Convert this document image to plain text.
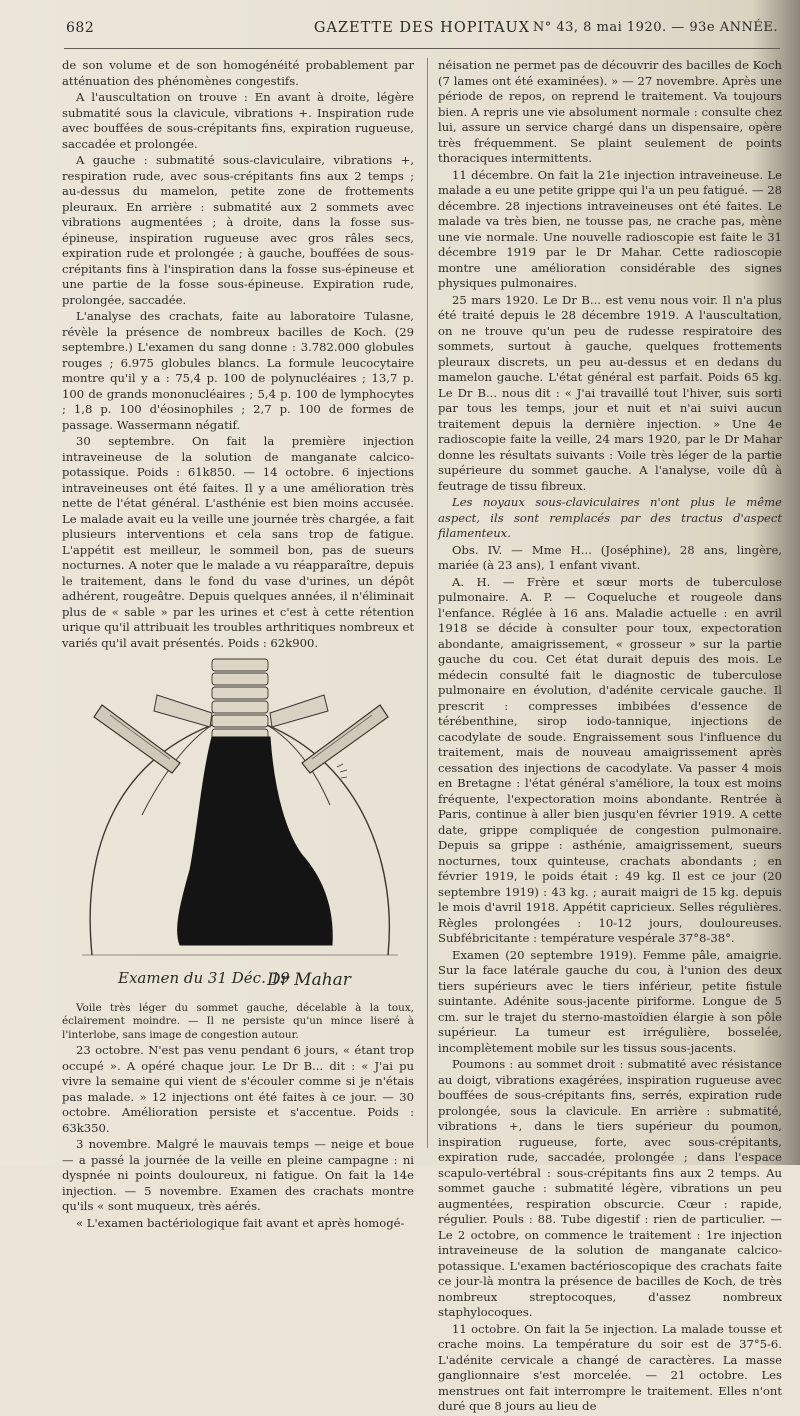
682	GAZETTE DES HOPITAUX N° 43, 8 mai 1920. — 93e ANNÉE.

de son volume et de son homogénéité probablement par atténuation des phénomènes congestifs.

A l'auscultation on trouve : En avant à droite, légère submatité sous la clavicule, vibrations +. Inspiration rude avec bouffées de sous-crépitants fins, expiration rugueuse, saccadée et prolongée.

A gauche : submatité sous-claviculaire, vibrations +, respiration rude, avec sous-crépitants fins aux 2 temps ; au-dessus du mamelon, petite zone de frottements pleuraux. En arrière : submatité aux 2 sommets avec vibrations augmentées ; à droite, dans la fosse sus-épineuse, inspiration rugueuse avec gros râles secs, expiration rude et prolongée ; à gauche, bouffées de sous-crépitants fins à l'inspiration dans la fosse sus-épineuse et une partie de la fosse sous-épineuse. Expiration rude, prolongée, saccadée.

L'analyse des crachats, faite au laboratoire Tulasne, révèle la présence de nombreux bacilles de Koch. (29 septembre.) L'examen du sang donne : 3.782.000 globules rouges ; 6.975 globules blancs. La formule leucocytaire montre qu'il y a : 75,4 p. 100 de polynucléaires ; 13,7 p. 100 de grands mononucléaires ; 5,4 p. 100 de lymphocytes ; 1,8 p. 100 d'éosinophiles ; 2,7 p. 100 de formes de passage. Wassermann négatif.

30 septembre. On fait la première injection intraveineuse de la solution de manganate calcico-potassique. Poids : 61k850. — 14 octobre. 6 injections intraveineuses ont été faites. Il y a une amélioration très nette de l'état général. L'asthénie est bien moins accusée. Le malade avait eu la veille une journée très chargée, a fait plusieurs interventions et cela sans trop de fatigue. L'appétit est meilleur, le sommeil bon, pas de sueurs nocturnes. A noter que le malade a vu réapparaître, depuis le traitement, dans le fond du vase d'urines, un dépôt adhérent, rougeâtre. Depuis quelques années, il n'éliminait plus de « sable » par les urines et c'est à cette rétention urique qu'il attribuait les troubles arthritiques nombreux et variés qu'il avait présentés. Poids : 62k900.

Examen du 31 Déc. 19
Dr Mahar

Voile très léger du sommet gauche, décelable à la toux, éclairement moindre. — Il ne persiste qu'un mince liseré à l'interlobe, sans image de congestion autour.

23 octobre. N'est pas venu pendant 6 jours, « étant trop occupé ». A opéré chaque jour. Le Dr B... dit : « J'ai pu vivre la semaine qui vient de s'écouler comme si je n'étais pas malade. » 12 injections ont été faites à ce jour. — 30 octobre. Amélioration persiste et s'accentue. Poids : 63k350.

3 novembre. Malgré le mauvais temps — neige et boue — a passé la journée de la veille en pleine campagne : ni dyspnée ni points douloureux, ni fatigue. On fait la 14e injection. — 5 novembre. Examen des crachats montre qu'ils « sont muqueux, très aérés.

« L'examen bactériologique fait avant et après homogé-

néisation ne permet pas de découvrir des bacilles de Koch (7 lames ont été examinées). » — 27 novembre. Après une période de repos, on reprend le traitement. Va toujours bien. A repris une vie absolument normale : consulte chez lui, assure un service chargé dans un dispensaire, opère très fréquemment. Se plaint seulement de points thoraciques intermittents.

11 décembre. On fait la 21e injection intraveineuse. Le malade a eu une petite grippe qui l'a un peu fatigué. — 28 décembre. 28 injections intraveineuses ont été faites. Le malade va très bien, ne tousse pas, ne crache pas, mène une vie normale. Une nouvelle radioscopie est faite le 31 décembre 1919 par le Dr Mahar. Cette radioscopie montre une amélioration considérable des signes physiques pulmonaires.

25 mars 1920. Le Dr B... est venu nous voir. Il n'a plus été traité depuis le 28 décembre 1919. A l'auscultation, on ne trouve qu'un peu de rudesse respiratoire des sommets, surtout à gauche, quelques frottements pleuraux discrets, un peu au-dessus et en dedans du mamelon gauche. L'état général est parfait. Poids 65 kg. Le Dr B... nous dit : « J'ai travaillé tout l'hiver, suis sorti par tous les temps, jour et nuit et n'ai suivi aucun traitement depuis la dernière injection. » Une 4e radioscopie faite la veille, 24 mars 1920, par le Dr Mahar donne les résultats suivants : Voile très léger de la partie supérieure du sommet gauche. A l'analyse, voile dû à feutrage de tissu fibreux.

Les noyaux sous-claviculaires n'ont plus le même aspect, ils sont remplacés par des tractus d'aspect filamenteux.

Obs. IV. — Mme H... (Joséphine), 28 ans, lingère, mariée (à 23 ans), 1 enfant vivant.

A. H. — Frère et sœur morts de tuberculose pulmonaire. A. P. — Coqueluche et rougeole dans l'enfance. Réglée à 16 ans. Maladie actuelle : en avril 1918 se décide à consulter pour toux, expectoration abondante, amaigrissement, « grosseur » sur la partie gauche du cou. Cet état durait depuis des mois. Le médecin consulté fait le diagnostic de tuberculose pulmonaire en évolution, d'adénite cervicale gauche. Il prescrit : compresses imbibées d'essence de térébenthine, sirop iodo-tannique, injections de cacodylate de soude. Engraissement sous l'influence du traitement, mais de nouveau amaigrissement après cessation des injections de cacodylate. Va passer 4 mois en Bretagne : l'état général s'améliore, la toux est moins fréquente, l'expectoration moins abondante. Rentrée à Paris, continue à aller bien jusqu'en février 1919. A cette date, grippe compliquée de congestion pulmonaire. Depuis sa grippe : asthénie, amaigrissement, sueurs nocturnes, toux quinteuse, crachats abondants ; en février 1919, le poids était : 49 kg. Il est ce jour (20 septembre 1919) : 43 kg. ; aurait maigri de 15 kg. depuis le mois d'avril 1918. Appétit capricieux. Selles régulières. Règles prolongées : 10-12 jours, douloureuses. Subfébricitante : température vespérale 37°8-38°.

Examen (20 septembre 1919). Femme pâle, amaigrie. Sur la face latérale gauche du cou, à l'union des deux tiers supérieurs avec le tiers inférieur, petite fistule suintante. Adénite sous-jacente piriforme. Longue de 5 cm. sur le trajet du sterno-mastoïdien élargie à son pôle supérieur. La tumeur est irrégulière, bosselée, incomplètement mobile sur les tissus sous-jacents.

Poumons : au sommet droit : submatité avec résistance au doigt, vibrations exagérées, inspiration rugueuse avec bouffées de sous-crépitants fins, serrés, expiration rude prolongée, sous la clavicule. En arrière : submatité, vibrations +, dans le tiers supérieur du poumon, inspiration rugueuse, forte, avec sous-crépitants, expiration rude, saccadée, prolongée ; dans l'espace scapulo-vertébral : sous-crépitants fins aux 2 temps. Au sommet gauche : submatité légère, vibrations un peu augmentées, respiration obscurcie. Cœur : rapide, régulier. Pouls : 88. Tube digestif : rien de particulier. — Le 2 octobre, on commence le traitement : 1re injection intraveineuse de la solution de manganate calcico-potassique. L'examen bactérioscopique des crachats faite ce jour-là montra la présence de bacilles de Koch, de très nombreux streptocoques, d'assez nombreux staphylocoques.

11 octobre. On fait la 5e injection. La malade tousse et crache moins. La température du soir est de 37°5-6. L'adénite cervicale a changé de caractères. La masse ganglionnaire s'est morcelée. — 21 octobre. Les menstrues ont fait interrompre le traitement. Elles n'ont duré que 8 jours au lieu de
